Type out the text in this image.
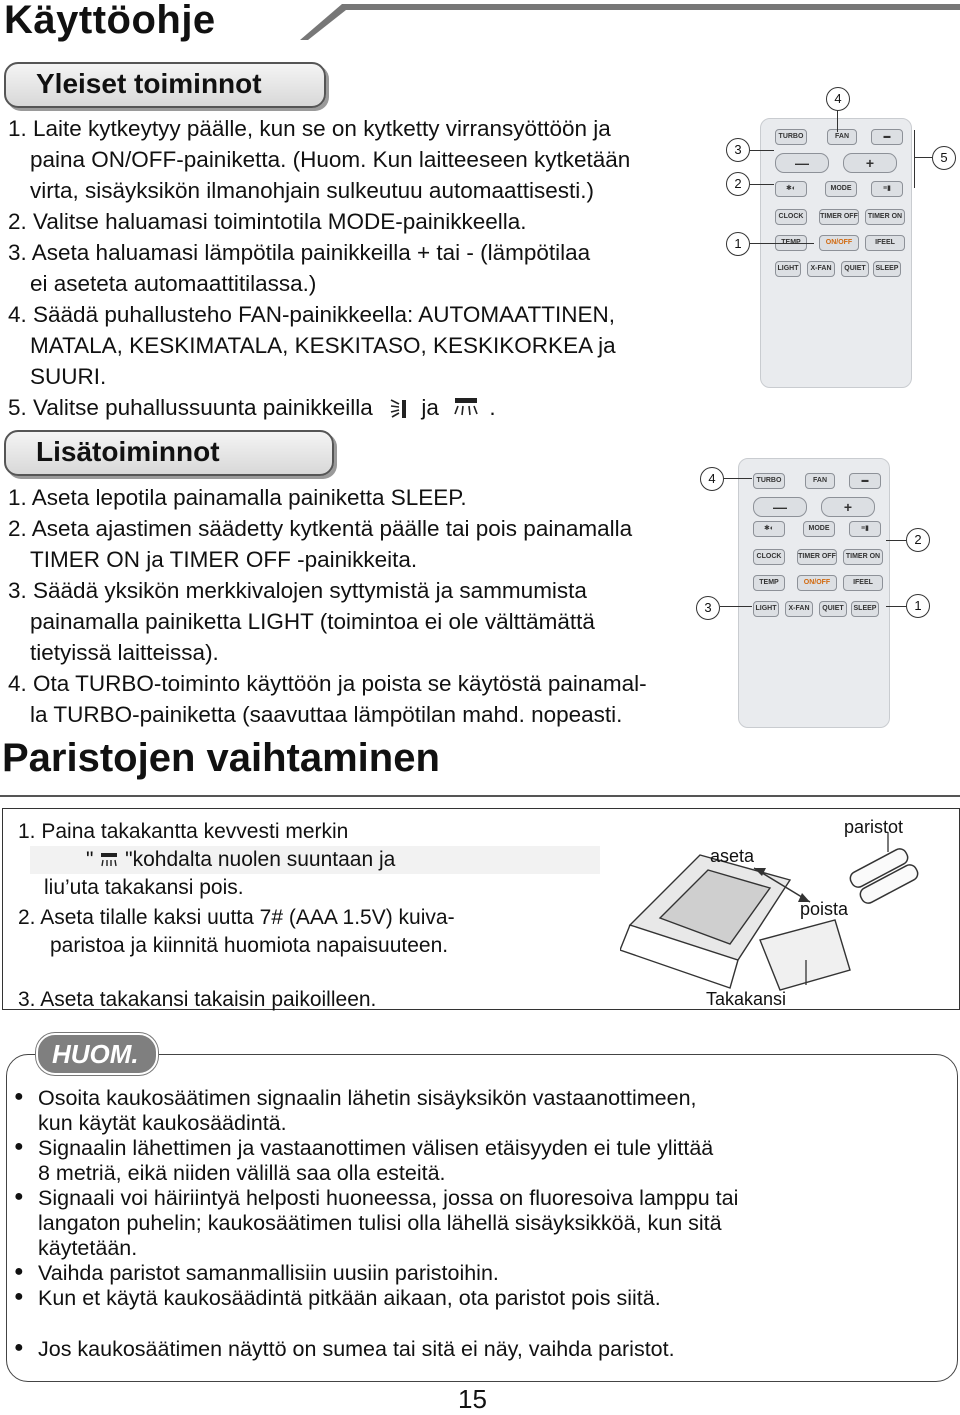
Käyttöohje
Yleiset toiminnot
1. Laite kytkeytyy päälle, kun se on kytketty virransyöttöön ja
paina ON/OFF-painiketta. (Huom. Kun laitteeseen kytketään
virta, sisäyksikön ilmanohjain sulkeutuu automaattisesti.)
2. Valitse haluamasi toimintotila MODE-painikkeella.
3. Aseta haluamasi lämpötila painikkeilla + tai - (lämpötilaa
ei aseteta automaattitilassa.)
4. Säädä puhallusteho FAN-painikkeella: AUTOMAATTINEN,
MATALA, KESKIMATALA, KESKITASO, KESKIKORKEA ja
SUURI.
5. Valitse puhallussuunta painikkeilla ja .
TURBO	FAN	▬
—	+
✱◐	MODE	≡▮
CLOCK	TIMER OFF	TIMER ON
TEMP	ON/OFF	IFEEL
LIGHT	X-FAN	QUIET	SLEEP
4
3
5
2
1
Lisätoiminnot
1. Aseta lepotila painamalla painiketta SLEEP.
2. Aseta ajastimen säädetty kytkentä päälle tai pois painamalla
TIMER ON ja TIMER OFF -painikkeita.
3. Säädä yksikön merkkivalojen syttymistä ja sammumista
painamalla painiketta LIGHT (toimintoa ei ole välttämättä
tietyissä laitteissa).
4. Ota TURBO-toiminto käyttöön ja poista se käytöstä painamal-
la TURBO-painiketta (saavuttaa lämpötilan mahd. nopeasti.
TURBO	FAN	▬
—	+
✱◐	MODE	≡▮
CLOCK	TIMER OFF	TIMER ON
TEMP	ON/OFF	IFEEL
LIGHT	X-FAN	QUIET	SLEEP
4
2
3	1
Paristojen vaihtaminen
1. Paina takakantta kevvesti merkin
" "kohdalta nuolen suuntaan ja
liu’uta takakansi pois.
2. Aseta tilalle kaksi uutta 7# (AAA 1.5V) kuiva-
paristoa ja kiinnitä huomiota napaisuuteen.
3. Aseta takakansi takaisin paikoilleen.
paristot
aseta
poista
Takakansi
HUOM.
● Osoita kaukosäätimen signaalin lähetin sisäyksikön vastaanottimeen,
kun käytät kaukosäädintä.
● Signaalin lähettimen ja vastaanottimen välisen etäisyyden ei tule ylittää
8 metriä, eikä niiden välillä saa olla esteitä.
● Signaali voi häiriintyä helposti huoneessa, jossa on fluoresoiva lamppu tai
langaton puhelin; kaukosäätimen tulisi olla lähellä sisäyksikköä, kun sitä
käytetään.
● Vaihda paristot samanmallisiin uusiin paristoihin.
● Kun et käytä kaukosäädintä pitkään aikaan, ota paristot pois siitä.
● Jos kaukosäätimen näyttö on sumea tai sitä ei näy, vaihda paristot.
15
